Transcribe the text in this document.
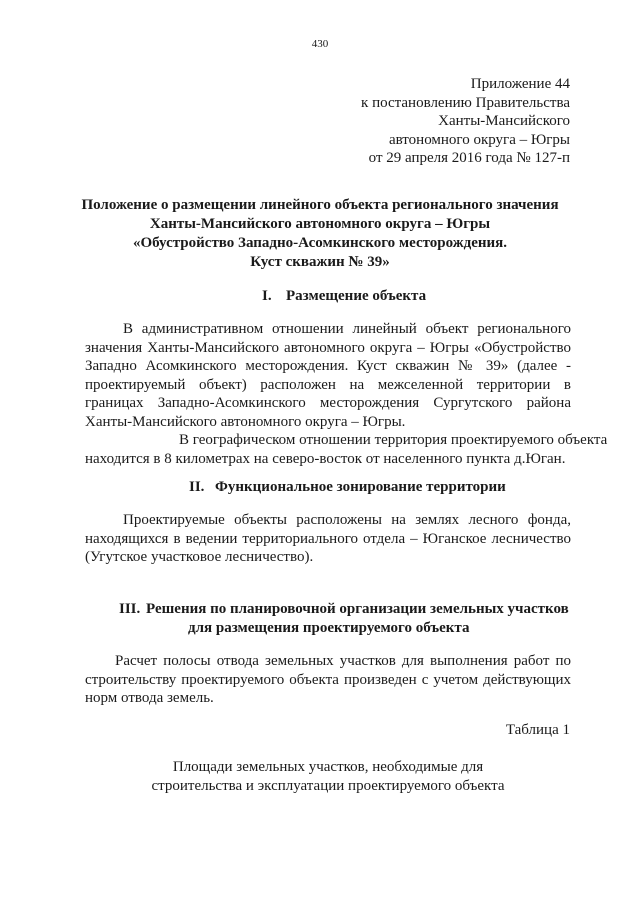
430
Приложение 44
к постановлению Правительства
Ханты-Мансийского
автономного округа – Югры
от 29 апреля 2016 года № 127-п
Положение о размещении линейного объекта регионального значения
Ханты-Мансийского автономного округа – Югры
«Обустройство Западно-Асомкинского месторождения.
Куст скважин № 39»
I. Размещение объекта
В административном отношении линейный объект регионального
значения Ханты-Мансийского автономного округа – Югры «Обустройство
Западно Асомкинского месторождения. Куст скважин № 39» (далее -
проектируемый объект) расположен на межселенной территории в
границах Западно-Асомкинского месторождения Сургутского района
Ханты-Мансийского автономного округа – Югры.
В географическом отношении территория проектируемого объекта
находится в 8 километрах на северо-восток от населенного пункта д.Юган.
II. Функциональное зонирование территории
Проектируемые объекты расположены на землях лесного фонда,
находящихся в ведении территориального отдела – Юганское лесничество
(Угутское участковое лесничество).
III. Решения по планировочной организации земельных участков
для размещения проектируемого объекта
Расчет полосы отвода земельных участков для выполнения работ по
строительству проектируемого объекта произведен с учетом действующих
норм отвода земель.
Таблица 1
Площади земельных участков, необходимые для
строительства и эксплуатации проектируемого объекта
